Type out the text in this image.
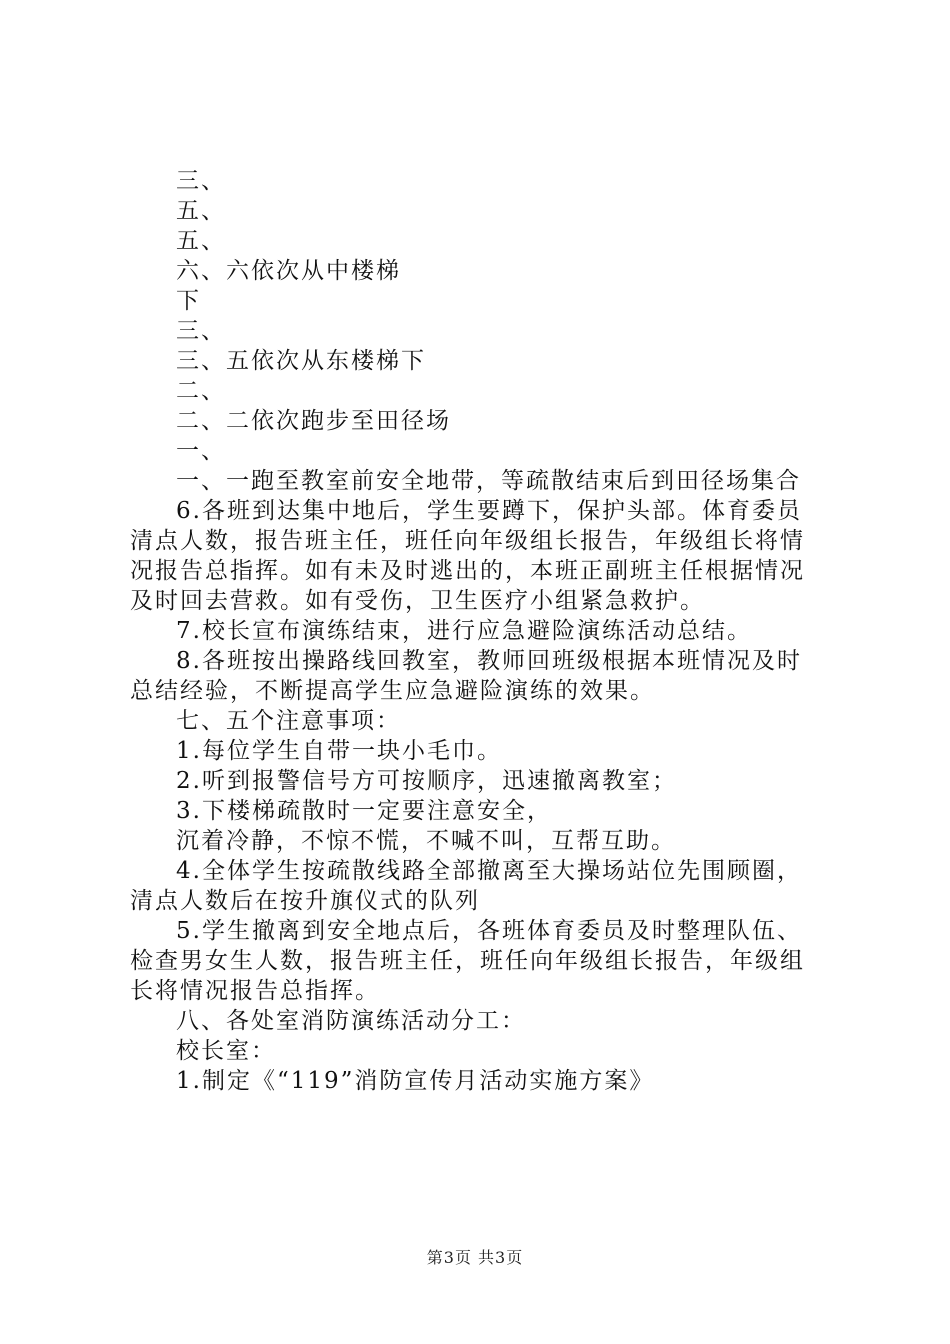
三、
五、
五、
六、六依次从中楼梯
下
三、
三、五依次从东楼梯下
二、
二、二依次跑步至田径场
一、
一、一跑至教室前安全地带，等疏散结束后到田径场集合
6.各班到达集中地后，学生要蹲下，保护头部。体育委员
清点人数，报告班主任，班任向年级组长报告，年级组长将情
况报告总指挥。如有未及时逃出的，本班正副班主任根据情况
及时回去营救。如有受伤，卫生医疗小组紧急救护。
7.校长宣布演练结束，进行应急避险演练活动总结。
8.各班按出操路线回教室，教师回班级根据本班情况及时
总结经验，不断提高学生应急避险演练的效果。
七、五个注意事项：
1.每位学生自带一块小毛巾。
2.听到报警信号方可按顺序，迅速撤离教室；
3.下楼梯疏散时一定要注意安全，
沉着冷静，不惊不慌，不喊不叫，互帮互助。
4.全体学生按疏散线路全部撤离至大操场站位先围顾圈，
清点人数后在按升旗仪式的队列
5.学生撤离到安全地点后，各班体育委员及时整理队伍、
检查男女生人数，报告班主任，班任向年级组长报告，年级组
长将情况报告总指挥。
八、各处室消防演练活动分工：
校长室：
1.制定《“119”消防宣传月活动实施方案》
第3页 共3页
